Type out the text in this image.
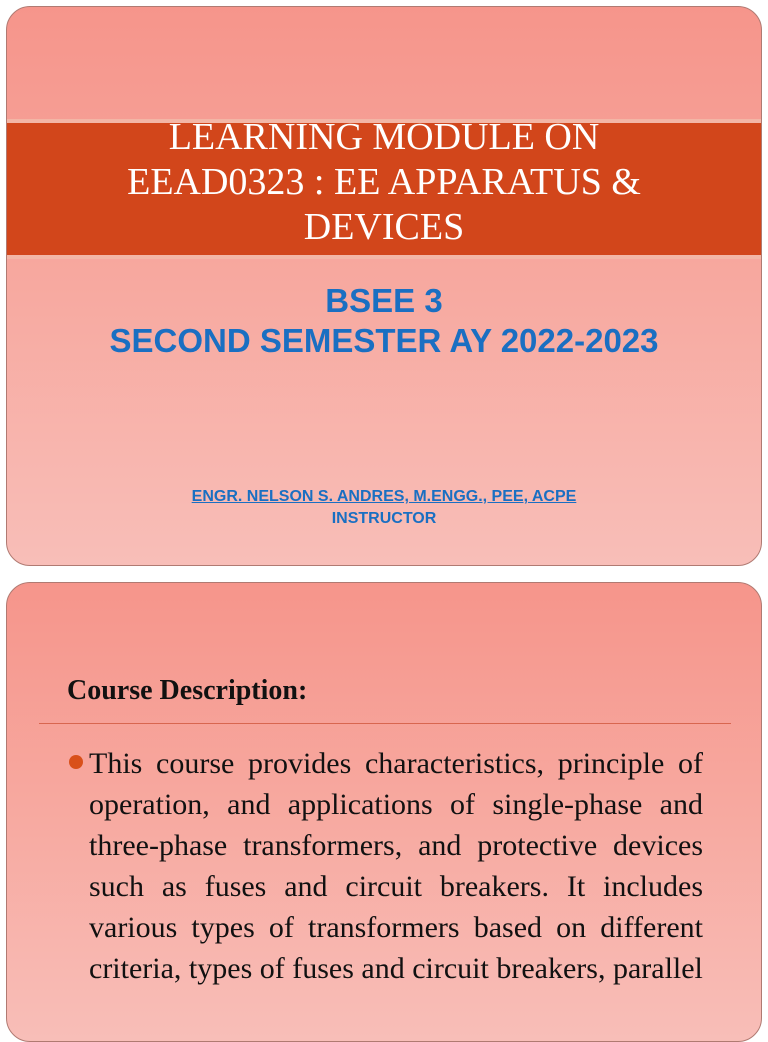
LEARNING MODULE ON
EEAD0323 : EE APPARATUS &
DEVICES
BSEE 3
SECOND SEMESTER AY 2022-2023
ENGR. NELSON S. ANDRES, M.ENGG., PEE, ACPE
INSTRUCTOR
Course Description:
This course provides characteristics, principle of operation, and applications of single-phase and three-phase transformers, and protective devices such as fuses and circuit breakers. It includes various types of transformers based on different criteria, types of fuses and circuit breakers, parallel
